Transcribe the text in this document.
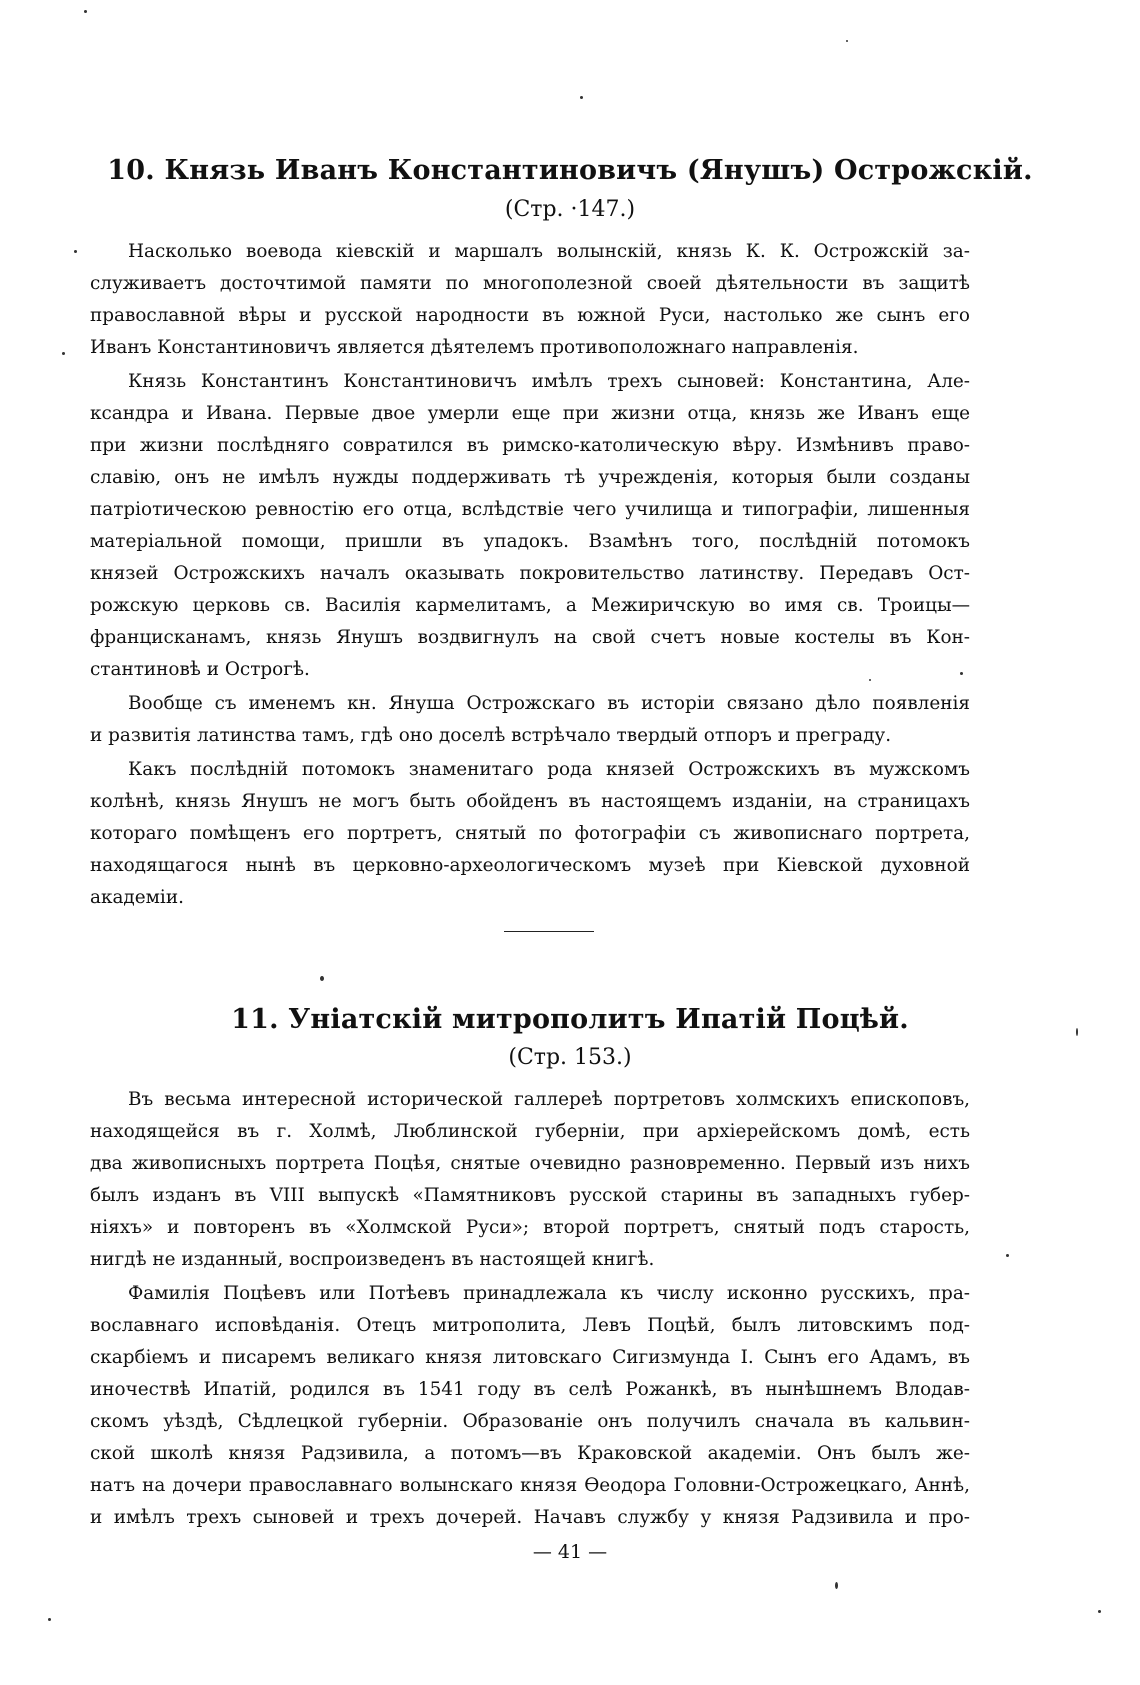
10. Князь Иванъ Константиновичъ (Янушъ) Острожскій.
(Стр. ·147.)
Насколько воевода кіевскій и маршалъ волынскій, князь К. К. Острожскій за-
служиваетъ досточтимой памяти по многополезной своей дѣятельности въ защитѣ
православной вѣры и русской народности въ южной Руси, настолько же сынъ его
Иванъ Константиновичъ является дѣятелемъ противоположнаго направленія.
Князь Константинъ Константиновичъ имѣлъ трехъ сыновей: Константина, Але-
ксандра и Ивана. Первые двое умерли еще при жизни отца, князь же Иванъ еще
при жизни послѣдняго совратился въ римско-католическую вѣру. Измѣнивъ право-
славію, онъ не имѣлъ нужды поддерживать тѣ учрежденія, которыя были созданы
патріотическою ревностію его отца, вслѣдствіе чего училища и типографіи, лишенныя
матеріальной помощи, пришли въ упадокъ. Взамѣнъ того, послѣдній потомокъ
князей Острожскихъ началъ оказывать покровительство латинству. Передавъ Ост-
рожскую церковь св. Василія кармелитамъ, а Межиричскую во имя св. Троицы—
францисканамъ, князь Янушъ воздвигнулъ на свой счетъ новые костелы въ Кон-
стантиновѣ и Острогѣ.
Вообще съ именемъ кн. Януша Острожскаго въ исторіи связано дѣло появленія
и развитія латинства тамъ, гдѣ оно доселѣ встрѣчало твердый отпоръ и преграду.
Какъ послѣдній потомокъ знаменитаго рода князей Острожскихъ въ мужскомъ
колѣнѣ, князь Янушъ не могъ быть обойденъ въ настоящемъ изданіи, на страницахъ
котораго помѣщенъ его портретъ, снятый по фотографіи съ живописнаго портрета,
находящагося нынѣ въ церковно-археологическомъ музеѣ при Кіевской духовной
академіи.
11. Уніатскій митрополитъ Ипатій Поцѣй.
(Стр. 153.)
Въ весьма интересной исторической галлереѣ портретовъ холмскихъ епископовъ,
находящейся въ г. Холмѣ, Люблинской губерніи, при архіерейскомъ домѣ, есть
два живописныхъ портрета Поцѣя, снятые очевидно разновременно. Первый изъ нихъ
былъ изданъ въ VIII выпускѣ «Памятниковъ русской старины въ западныхъ губер-
ніяхъ» и повторенъ въ «Холмской Руси»; второй портретъ, снятый подъ старость,
нигдѣ не изданный, воспроизведенъ въ настоящей книгѣ.
Фамилія Поцѣевъ или Потѣевъ принадлежала къ числу исконно русскихъ, пра-
вославнаго исповѣданія. Отецъ митрополита, Левъ Поцѣй, былъ литовскимъ под-
скарбіемъ и писаремъ великаго князя литовскаго Сигизмунда I. Сынъ его Адамъ, въ
иночествѣ Ипатій, родился въ 1541 году въ селѣ Рожанкѣ, въ нынѣшнемъ Влодав-
скомъ уѣздѣ, Сѣдлецкой губерніи. Образованіе онъ получилъ сначала въ кальвин-
ской школѣ князя Радзивила, а потомъ—въ Краковской академіи. Онъ былъ же-
натъ на дочери православнаго волынскаго князя Ѳеодора Головни-Острожецкаго, Аннѣ,
и имѣлъ трехъ сыновей и трехъ дочерей. Начавъ службу у князя Радзивила и про-
— 41 —
